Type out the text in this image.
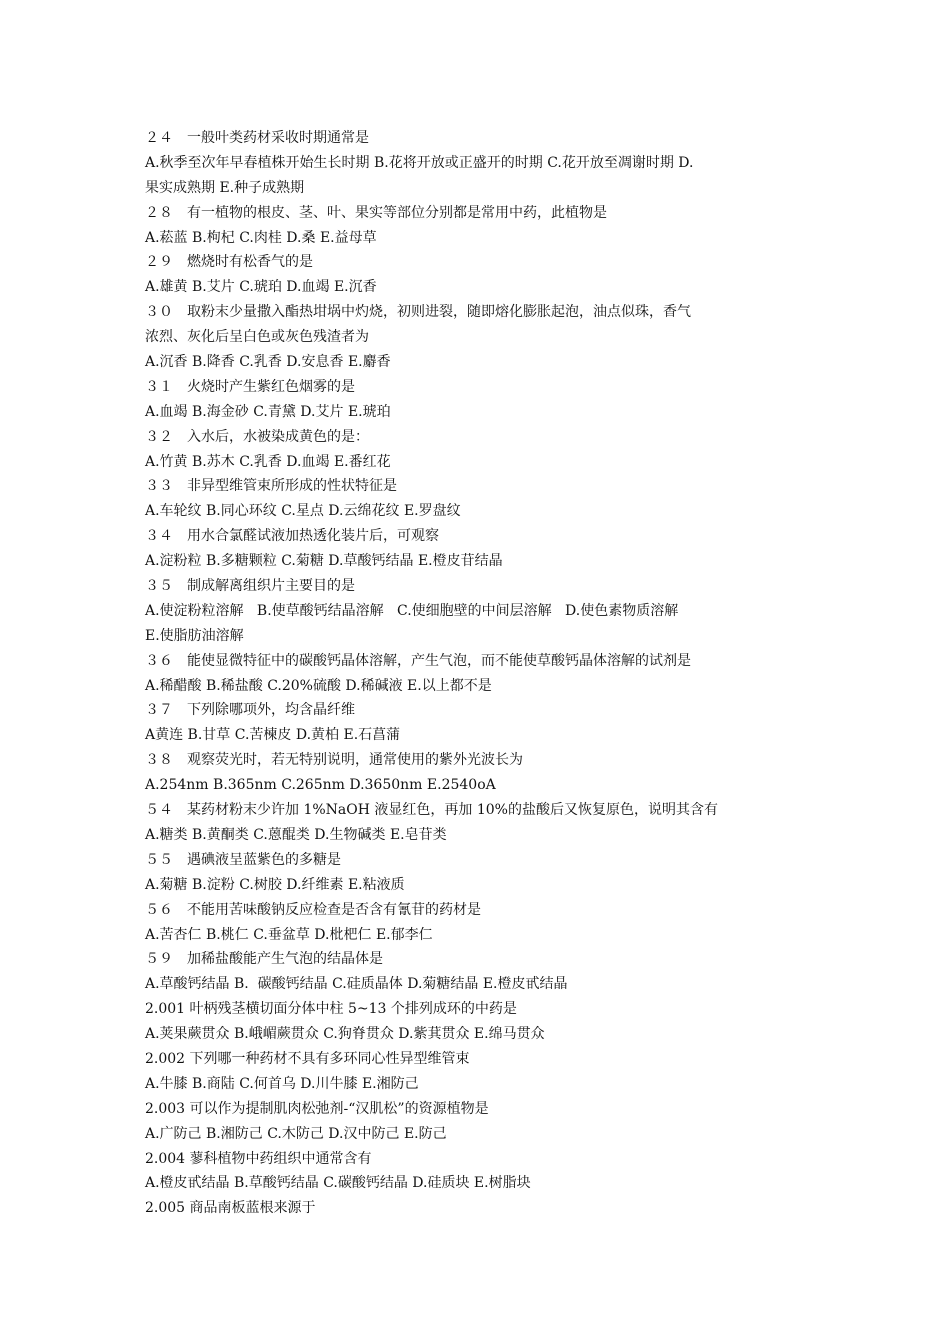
２４　一般叶类药材采收时期通常是
A.秋季至次年早春植株开始生长时期 B.花将开放或正盛开的时期 C.花开放至凋谢时期 D.
果实成熟期 E.种子成熟期
２８　有一植物的根皮、茎、叶、果实等部位分别都是常用中药，此植物是
A.菘蓝 B.枸杞 C.肉桂 D.桑 E.益母草
２９　燃烧时有松香气的是
A.雄黄 B.艾片 C.琥珀 D.血竭 E.沉香
３０　取粉末少量撒入酯热坩埚中灼烧，初则进裂，随即熔化膨胀起泡，油点似珠，香气
浓烈、灰化后呈白色或灰色残渣者为
A.沉香 B.降香 C.乳香 D.安息香 E.麝香
３１　火烧时产生紫红色烟雾的是
A.血竭 B.海金砂 C.青黛 D.艾片 E.琥珀
３２　入水后，水被染成黄色的是：
A.竹黄 B.苏木 C.乳香 D.血竭 E.番红花
３３　非异型维管束所形成的性状特征是
A.车轮纹 B.同心环纹 C.星点 D.云绵花纹 E.罗盘纹
３４　用水合氯醛试液加热透化装片后，可观察
A.淀粉粒 B.多糖颗粒 C.菊糖 D.草酸钙结晶 E.橙皮苷结晶
３５　制成解离组织片主要目的是
A.使淀粉粒溶解   B.使草酸钙结晶溶解   C.使细胞壁的中间层溶解   D.使色素物质溶解
E.使脂肪油溶解
３６　能使显微特征中的碳酸钙晶体溶解，产生气泡，而不能使草酸钙晶体溶解的试剂是
A.稀醋酸 B.稀盐酸 C.20%硫酸 D.稀碱液 E.以上都不是
３７　下列除哪项外，均含晶纤维
A黄连 B.甘草 C.苦楝皮 D.黄柏 E.石菖蒲
３８　观察荧光时，若无特别说明，通常使用的紫外光波长为
A.254nm B.365nm C.265nm D.3650nm E.2540oA
５４　某药材粉末少许加 1%NaOH 液显红色，再加 10%的盐酸后又恢复原色，说明其含有
A.糖类 B.黄酮类 C.蒽醌类 D.生物碱类 E.皂苷类
５５　遇碘液呈蓝紫色的多糖是
A.菊糖 B.淀粉 C.树胶 D.纤维素 E.粘液质
５６　不能用苦味酸钠反应检查是否含有氰苷的药材是
A.苦杏仁 B.桃仁 C.垂盆草 D.枇杷仁 E.郁李仁
５９　加稀盐酸能产生气泡的结晶体是
A.草酸钙结晶 B.  碳酸钙结晶 C.硅质晶体 D.菊糖结晶 E.橙皮甙结晶
2.001 叶柄残茎横切面分体中柱 5~13 个排列成环的中药是
A.荚果蕨贯众 B.峨嵋蕨贯众 C.狗脊贯众 D.紫萁贯众 E.绵马贯众
2.002 下列哪一种药材不具有多环同心性异型维管束
A.牛膝 B.商陆 C.何首乌 D.川牛膝 E.湘防己
2.003 可以作为提制肌肉松弛剂-“汉肌松”的资源植物是
A.广防己 B.湘防己 C.木防己 D.汉中防己 E.防己
2.004 蓼科植物中药组织中通常含有
A.橙皮甙结晶 B.草酸钙结晶 C.碳酸钙结晶 D.硅质块 E.树脂块
2.005 商品南板蓝根来源于
